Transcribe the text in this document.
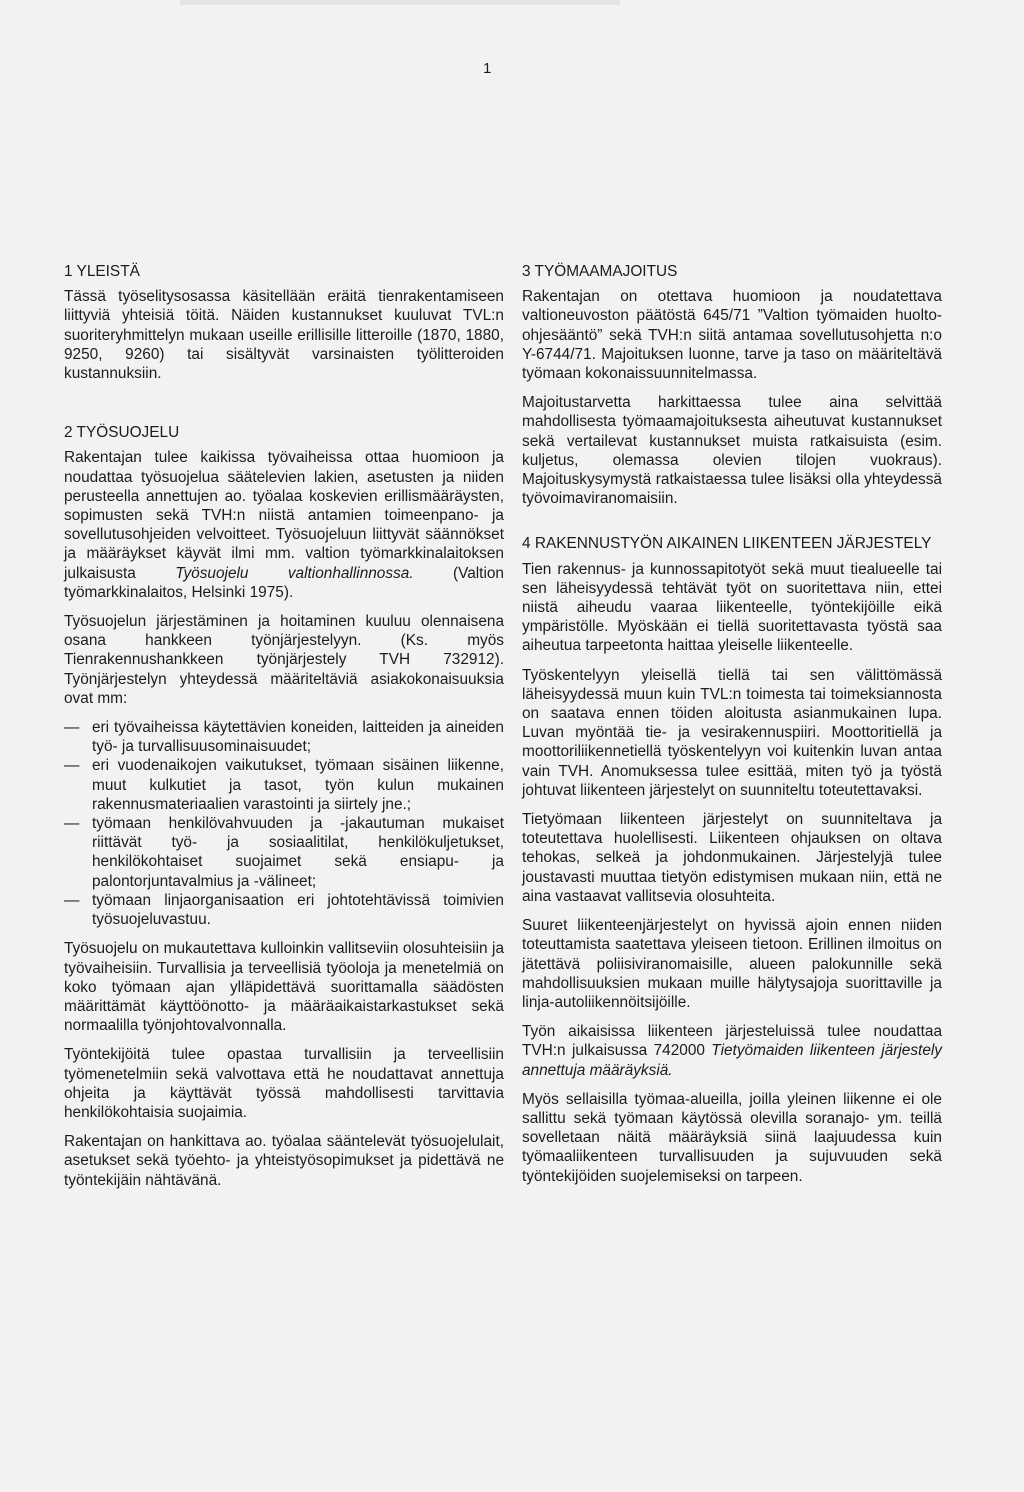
1
1 YLEISTÄ

Tässä työselitysosassa käsitellään eräitä tienrakentamiseen liittyviä yhteisiä töitä. Näiden kustannukset kuuluvat TVL:n suoriteryhmittelyn mukaan useille erillisille litteroille (1870, 1880, 9250, 9260) tai sisältyvät varsinaisten työlitteroiden kustannuksiin.

2 TYÖSUOJELU

Rakentajan tulee kaikissa työvaiheissa ottaa huomioon ja noudattaa työsuojelua säätelevien lakien, asetusten ja niiden perusteella annettujen ao. työalaa koskevien erillismääräysten, sopimusten sekä TVH:n niistä antamien toimeenpano- ja sovellutusohjeiden velvoitteet. Työsuojeluun liittyvät säännökset ja määräykset käyvät ilmi mm. valtion työmarkkinalaitoksen julkaisusta Työsuojelu valtionhallinnossa. (Valtion työmarkkinalaitos, Helsinki 1975).

Työsuojelun järjestäminen ja hoitaminen kuuluu olennaisena osana hankkeen työnjärjestelyyn. (Ks. myös Tienrakennushankkeen työnjärjestely TVH 732912). Työnjärjestelyn yhteydessä määriteltäviä asiakokonaisuuksia ovat mm:

— eri työvaiheissa käytettävien koneiden, laitteiden ja aineiden työ- ja turvallisuusominaisuudet;
— eri vuodenaikojen vaikutukset, työmaan sisäinen liikenne, muut kulkutiet ja tasot, työn kulun mukainen rakennusmateriaalien varastointi ja siirtely jne.;
— työmaan henkilövahvuuden ja -jakautuman mukaiset riittävät työ- ja sosiaalitilat, henkilökuljetukset, henkilökohtaiset suojaimet sekä ensiapu- ja palontorjuntavalmius ja -välineet;
— työmaan linjaorganisaation eri johtotehtävissä toimivien työsuojeluvastuu.

Työsuojelu on mukautettava kulloinkin vallitseviin olosuhteisiin ja työvaiheisiin. Turvallisia ja terveellisiä työoloja ja menetelmiä on koko työmaan ajan ylläpidettävä suorittamalla säädösten määrittämät käyttöönotto- ja määräaikaistarkastukset sekä normaalilla työnjohtovalvonnalla.

Työntekijöitä tulee opastaa turvallisiin ja terveellisiin työmenetelmiin sekä valvottava että he noudattavat annettuja ohjeita ja käyttävät työssä mahdollisesti tarvittavia henkilökohtaisia suojaimia.

Rakentajan on hankittava ao. työalaa sääntelevät työsuojelulait, asetukset sekä työehto- ja yhteistyösopimukset ja pidettävä ne työntekijäin nähtävänä.

3 TYÖMAAMAJOITUS

Rakentajan on otettava huomioon ja noudatettava valtioneuvoston päätöstä 645/71 ”Valtion työmaiden huolto-ohjesääntö” sekä TVH:n siitä antamaa sovellutusohjetta n:o Y-6744/71. Majoituksen luonne, tarve ja taso on määriteltävä työmaan kokonaissuunnitelmassa.

Majoitustarvetta harkittaessa tulee aina selvittää mahdollisesta työmaamajoituksesta aiheutuvat kustannukset sekä vertailevat kustannukset muista ratkaisuista (esim. kuljetus, olemassa olevien tilojen vuokraus). Majoituskysymystä ratkaistaessa tulee lisäksi olla yhteydessä työvoimaviranomaisiin.

4 RAKENNUSTYÖN AIKAINEN LIIKENTEEN JÄRJESTELY

Tien rakennus- ja kunnossapitotyöt sekä muut tiealueelle tai sen läheisyydessä tehtävät työt on suoritettava niin, ettei niistä aiheudu vaaraa liikenteelle, työntekijöille eikä ympäristölle. Myöskään ei tiellä suoritettavasta työstä saa aiheutua tarpeetonta haittaa yleiselle liikenteelle.

Työskentelyyn yleisellä tiellä tai sen välittömässä läheisyydessä muun kuin TVL:n toimesta tai toimeksiannosta on saatava ennen töiden aloitusta asianmukainen lupa. Luvan myöntää tie- ja vesirakennuspiiri. Moottoritiellä ja moottoriliikennetiellä työskentelyyn voi kuitenkin luvan antaa vain TVH. Anomuksessa tulee esittää, miten työ ja työstä johtuvat liikenteen järjestelyt on suunniteltu toteutettavaksi.

Tietyömaan liikenteen järjestelyt on suunniteltava ja toteutettava huolellisesti. Liikenteen ohjauksen on oltava tehokas, selkeä ja johdonmukainen. Järjestelyjä tulee joustavasti muuttaa tietyön edistymisen mukaan niin, että ne aina vastaavat vallitsevia olosuhteita.

Suuret liikenteenjärjestelyt on hyvissä ajoin ennen niiden toteuttamista saatettava yleiseen tietoon. Erillinen ilmoitus on jätettävä poliisiviranomaisille, alueen palokunnille sekä mahdollisuuksien mukaan muille hälytysajoja suorittaville ja linja-autoliikennöitsijöille.

Työn aikaisissa liikenteen järjesteluissä tulee noudattaa TVH:n julkaisussa 742000 Tietyömaiden liikenteen järjestely annettuja määräyksiä.

Myös sellaisilla työmaa-alueilla, joilla yleinen liikenne ei ole sallittu sekä työmaan käytössä olevilla soranajo- ym. teillä sovelletaan näitä määräyksiä siinä laajuudessa kuin työmaaliikenteen turvallisuuden ja sujuvuuden sekä työntekijöiden suojelemiseksi on tarpeen.
